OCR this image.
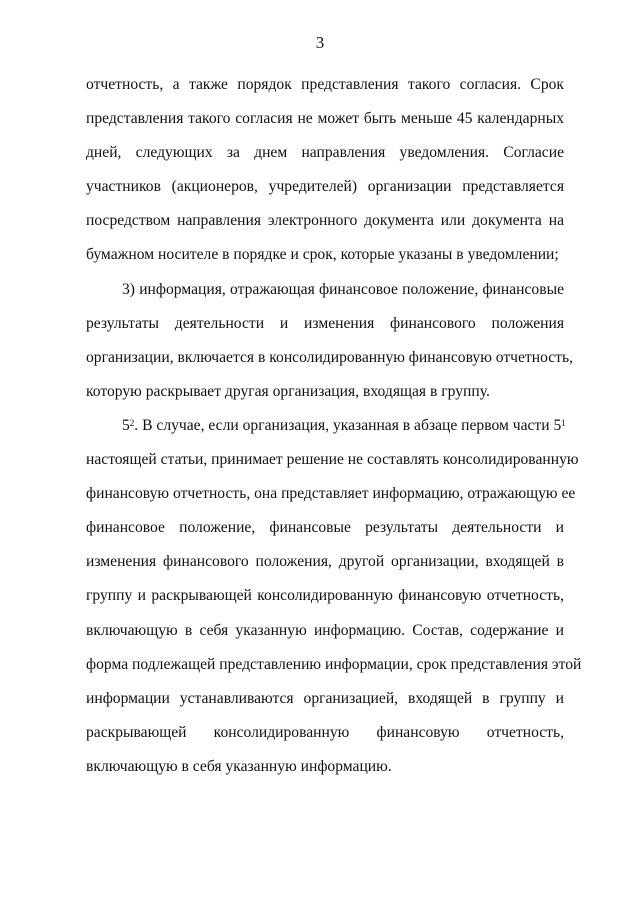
3
отчетность, а также порядок представления такого согласия. Срок
представления такого согласия не может быть меньше 45 календарных
дней, следующих за днем направления уведомления. Согласие
участников (акционеров, учредителей) организации представляется
посредством направления электронного документа или документа на
бумажном носителе в порядке и срок, которые указаны в уведомлении;
3) информация, отражающая финансовое положение, финансовые
результаты деятельности и изменения финансового положения
организации, включается в консолидированную финансовую отчетность,
которую раскрывает другая организация, входящая в группу.
$5^2$. В случае, если организация, указанная в абзаце первом части $5^1$
настоящей статьи, принимает решение не составлять консолидированную
финансовую отчетность, она представляет информацию, отражающую ее
финансовое положение, финансовые результаты деятельности и
изменения финансового положения, другой организации, входящей в
группу и раскрывающей консолидированную финансовую отчетность,
включающую в себя указанную информацию. Состав, содержание и
форма подлежащей представлению информации, срок представления этой
информации устанавливаются организацией, входящей в группу и
раскрывающей консолидированную финансовую отчетность,
включающую в себя указанную информацию.
